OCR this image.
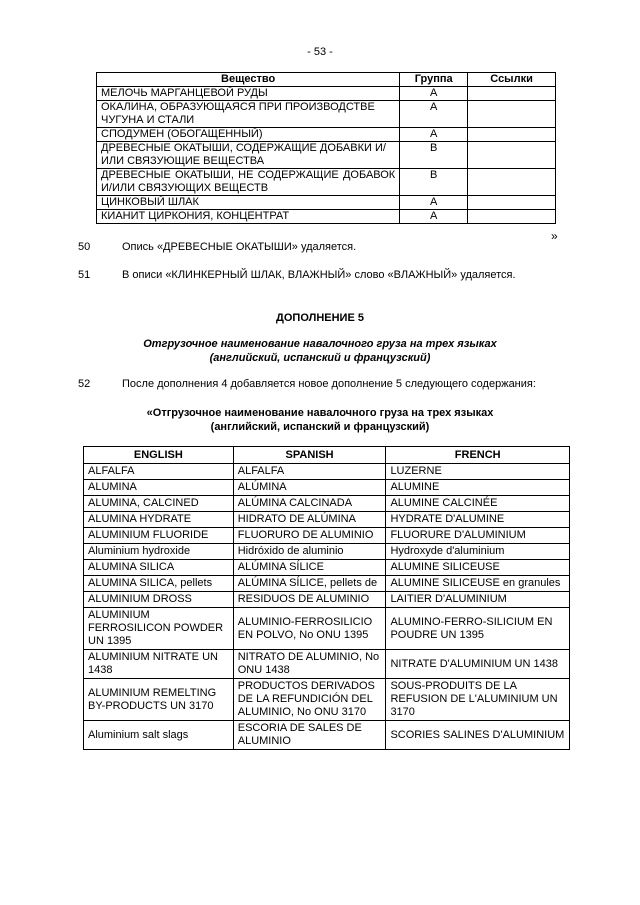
- 53 -
Вещество	Группа	Ссылки
МЕЛОЧЬ МАРГАНЦЕВОЙ РУДЫ	A	
ОКАЛИНА, ОБРАЗУЮЩАЯСЯ ПРИ ПРОИЗВОДСТВЕ ЧУГУНА И СТАЛИ	A	
СПОДУМЕН (ОБОГАЩЕННЫЙ)	A	
ДРЕВЕСНЫЕ ОКАТЫШИ, СОДЕРЖАЩИЕ ДОБАВКИ И/ИЛИ СВЯЗУЮЩИЕ ВЕЩЕСТВА	B	
ДРЕВЕСНЫЕ ОКАТЫШИ, НЕ СОДЕРЖАЩИЕ ДОБАВОК И/ИЛИ СВЯЗУЮЩИХ ВЕЩЕСТВ	B	
ЦИНКОВЫЙ ШЛАК	A	
КИАНИТ ЦИРКОНИЯ, КОНЦЕНТРАТ	A	
»
50	Опись «ДРЕВЕСНЫЕ ОКАТЫШИ» удаляется.
51	В описи «КЛИНКЕРНЫЙ ШЛАК, ВЛАЖНЫЙ» слово «ВЛАЖНЫЙ» удаляется.
ДОПОЛНЕНИЕ 5
Отгрузочное наименование навалочного груза на трех языках
(английский, испанский и французский)
52	После дополнения 4 добавляется новое дополнение 5 следующего содержания:
«Отгрузочное наименование навалочного груза на трех языках
(английский, испанский и французский)
ENGLISH	SPANISH	FRENCH
ALFALFA	ALFALFA	LUZERNE
ALUMINA	ALÚMINA	ALUMINE
ALUMINA, CALCINED	ALÚMINA CALCINADA	ALUMINE CALCINÉE
ALUMINA HYDRATE	HIDRATO DE ALÚMINA	HYDRATE D'ALUMINE
ALUMINIUM FLUORIDE	FLUORURO DE ALUMINIO	FLUORURE D'ALUMINIUM
Aluminium hydroxide	Hidróxido de aluminio	Hydroxyde d'aluminium
ALUMINA SILICA	ALÚMINA SÍLICE	ALUMINE SILICEUSE
ALUMINA SILICA, pellets	ALÚMINA SÍLICE, pellets de	ALUMINE SILICEUSE en granules
ALUMINIUM DROSS	RESIDUOS DE ALUMINIO	LAITIER D'ALUMINIUM
ALUMINIUM FERROSILICON POWDER UN 1395	ALUMINIO-FERROSILICIO EN POLVO, No ONU 1395	ALUMINO-FERRO-SILICIUM EN POUDRE UN 1395
ALUMINIUM NITRATE UN 1438	NITRATO DE ALUMINIO, No ONU 1438	NITRATE D'ALUMINIUM UN 1438
ALUMINIUM REMELTING BY-PRODUCTS UN 3170	PRODUCTOS DERIVADOS DE LA REFUNDICIÓN DEL ALUMINIO, No ONU 3170	SOUS-PRODUITS DE LA REFUSION DE L'ALUMINIUM UN 3170
Aluminium salt slags	ESCORIA DE SALES DE ALUMINIO	SCORIES SALINES D'ALUMINIUM
